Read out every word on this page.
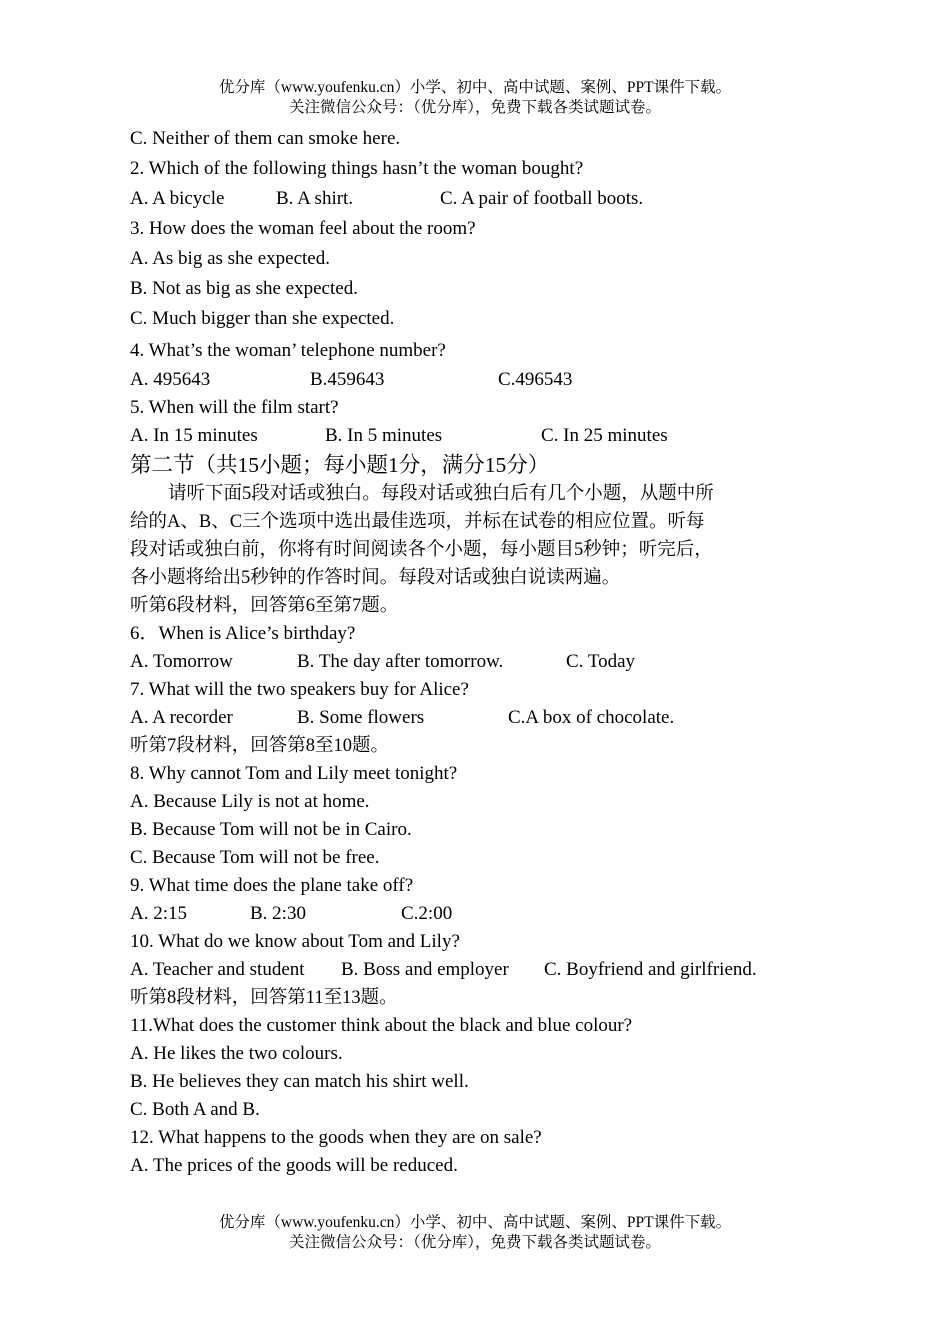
优分库（www.youfenku.cn）小学、初中、高中试题、案例、PPT课件下载。
关注微信公众号：（优分库），免费下载各类试题试卷。
C. Neither of them can smoke here.
2. Which of the following things hasn’t the woman bought?
A. A bicycle	B. A shirt.	C. A pair of football boots.
3. How does the woman feel about the room?
A. As big as she expected.
B. Not as big as she expected.
C. Much bigger than she expected.
4. What’s the woman’ telephone number?
A. 495643	B.459643	C.496543
5. When will the film start?
A. In 15 minutes	B. In 5 minutes	C. In 25 minutes
第二节（共15小题；每小题1分，满分15分）
请听下面5段对话或独白。每段对话或独白后有几个小题，从题中所
给的A、B、C三个选项中选出最佳选项，并标在试卷的相应位置。听每
段对话或独白前，你将有时间阅读各个小题，每小题目5秒钟；听完后，
各小题将给出5秒钟的作答时间。每段对话或独白说读两遍。
听第6段材料，回答第6至第7题。
6．When is Alice’s birthday?
A. Tomorrow	B. The day after tomorrow.	C. Today
7. What will the two speakers buy for Alice?
A. A recorder	B. Some flowers	C.A box of chocolate.
听第7段材料，回答第8至10题。
8. Why cannot Tom and Lily meet tonight?
A. Because Lily is not at home.
B. Because Tom will not be in Cairo.
C. Because Tom will not be free.
9. What time does the plane take off?
A. 2:15	B. 2:30	C.2:00
10. What do we know about Tom and Lily?
A. Teacher and student B. Boss and employer C. Boyfriend and girlfriend.
听第8段材料，回答第11至13题。
11.What does the customer think about the black and blue colour?
A. He likes the two colours.
B. He believes they can match his shirt well.
C. Both A and B.
12. What happens to the goods when they are on sale?
A. The prices of the goods will be reduced.
优分库（www.youfenku.cn）小学、初中、高中试题、案例、PPT课件下载。
关注微信公众号：（优分库），免费下载各类试题试卷。
